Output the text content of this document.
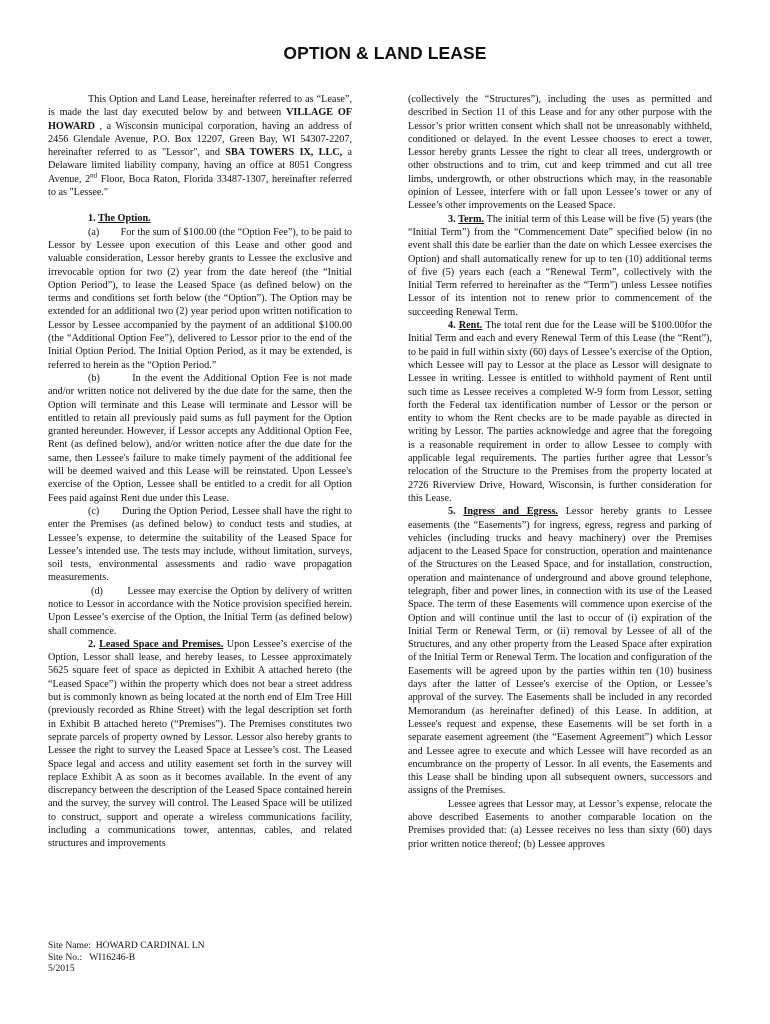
OPTION & LAND LEASE

This Option and Land Lease, hereinafter referred to as “Lease”, is made the last day executed below by and between VILLAGE OF HOWARD , a Wisconsin municipal corporation, having an address of 2456 Glendale Avenue, P.O. Box 12207, Green Bay, WI 54307-2207, hereinafter referred to as "Lessor", and SBA TOWERS IX, LLC, a Delaware limited liability company, having an office at 8051 Congress Avenue, 2nd Floor, Boca Raton, Florida 33487-1307, hereinafter referred to as "Lessee."

1. The Option.

(a)        For the sum of $100.00 (the “Option Fee”), to be paid to Lessor by Lessee upon execution of this Lease and other good and valuable consideration, Lessor hereby grants to Lessee the exclusive and irrevocable option for two (2) year from the date hereof (the “Initial Option Period”), to lease the Leased Space (as defined below) on the terms and conditions set forth below (the “Option”). The Option may be extended for an additional two (2) year period upon written notification to Lessor by Lessee accompanied by the payment of an additional $100.00 (the “Additional Option Fee”), delivered to Lessor prior to the end of the Initial Option Period. The Initial Option Period, as it may be extended, is referred to herein as the “Option Period.”

(b)        In the event the Additional Option Fee is not made and/or written notice not delivered by the due date for the same, then the Option will terminate and this Lease will terminate and Lessor will be entitled to retain all previously paid sums as full payment for the Option granted hereunder. However, if Lessor accepts any Additional Option Fee, Rent (as defined below), and/or written notice after the due date for the same, then Lessee's failure to make timely payment of the additional fee will be deemed waived and this Lease will be reinstated. Upon Lessee's exercise of the Option, Lessee shall be entitled to a credit for all Option Fees paid against Rent due under this Lease.

(c)        During the Option Period, Lessee shall have the right to enter the Premises (as defined below) to conduct tests and studies, at Lessee’s expense, to determine the suitability of the Leased Space for Lessee’s intended use. The tests may include, without limitation, surveys, soil tests, environmental assessments and radio wave propagation measurements.

(d)        Lessee may exercise the Option by delivery of written notice to Lessor in accordance with the Notice provision specified herein. Upon Lessee’s exercise of the Option, the Initial Term (as defined below) shall commence.

2. Leased Space and Premises. Upon Lessee’s exercise of the Option, Lessor shall lease, and hereby leases, to Lessee approximately 5625 square feet of space as depicted in Exhibit A attached hereto (the “Leased Space”) within the property which does not bear a street address but is commonly known as being located at the north end of Elm Tree Hill (previously recorded as Rhine Street) with the legal description set forth in Exhibit B attached hereto (“Premises”). The Premises constitutes two seprate parcels of property owned by Lessor. Lessor also hereby grants to Lessee the right to survey the Leased Space at Lessee’s cost. The Leased Space legal and access and utility easement set forth in the survey will replace Exhibit A as soon as it becomes available. In the event of any discrepancy between the description of the Leased Space contained herein and the survey, the survey will control. The Leased Space will be utilized to construct, support and operate a wireless communications facility, including a communications tower, antennas, cables, and related structures and improvements

(collectively the “Structures”), including the uses as permitted and described in Section 11 of this Lease and for any other purpose with the Lessor’s prior written consent which shall not be unreasonably withheld, conditioned or delayed. In the event Lessee chooses to erect a tower, Lessor hereby grants Lessee the right to clear all trees, undergrowth or other obstructions and to trim, cut and keep trimmed and cut all tree limbs, undergrowth, or other obstructions which may, in the reasonable opinion of Lessee, interfere with or fall upon Lessee’s tower or any of Lessee’s other improvements on the Leased Space.

3. Term. The initial term of this Lease will be five (5) years (the “Initial Term”) from the “Commencement Date” specified below (in no event shall this date be earlier than the date on which Lessee exercises the Option) and shall automatically renew for up to ten (10) additional terms of five (5) years each (each a “Renewal Term”, collectively with the Initial Term referred to hereinafter as the “Term”) unless Lessee notifies Lessor of its intention not to renew prior to commencement of the succeeding Renewal Term.

4. Rent. The total rent due for the Lease will be $100.00for the Initial Term and each and every Renewal Term of this Lease (the “Rent”), to be paid in full within sixty (60) days of Lessee’s exercise of the Option, which Lessee will pay to Lessor at the place as Lessor will designate to Lessee in writing. Lessee is entitled to withhold payment of Rent until such time as Lessee receives a completed W-9 form from Lessor, setting forth the Federal tax identification number of Lessor or the person or entity to whom the Rent checks are to be made payable as directed in writing by Lessor. The parties acknowledge and agree that the foregoing is a reasonable requirement in order to allow Lessee to comply with applicable legal requirements. The parties further agree that Lessor’s relocation of the Structure to the Premises from the property located at 2726 Riverview Drive, Howard, Wisconsin, is further consideration for this Lease.

5. Ingress and Egress. Lessor hereby grants to Lessee easements (the “Easements”) for ingress, egress, regress and parking of vehicles (including trucks and heavy machinery) over the Premises adjacent to the Leased Space for construction, operation and maintenance of the Structures on the Leased Space, and for installation, construction, operation and maintenance of underground and above ground telephone, telegraph, fiber and power lines, in connection with its use of the Leased Space. The term of these Easements will commence upon exercise of the Option and will continue until the last to occur of (i) expiration of the Initial Term or Renewal Term, or (ii) removal by Lessee of all of the Structures, and any other property from the Leased Space after expiration of the Initial Term or Renewal Term. The location and configuration of the Easements will be agreed upon by the parties within ten (10) business days after the latter of Lessee's exercise of the Option, or Lessee’s approval of the survey. The Easements shall be included in any recorded Memorandum (as hereinafter defined) of this Lease. In addition, at Lessee's request and expense, these Easements will be set forth in a separate easement agreement (the “Easement Agreement”) which Lessor and Lessee agree to execute and which Lessee will have recorded as an encumbrance on the property of Lessor. In all events, the Easements and this Lease shall be binding upon all subsequent owners, successors and assigns of the Premises.

Lessee agrees that Lessor may, at Lessor’s expense, relocate the above described Easements to another comparable location on the Premises provided that: (a) Lessee receives no less than sixty (60) days prior written notice thereof; (b) Lessee approves

Site Name:  HOWARD CARDINAL LN
Site No.:   WI16246-B
5/2015
